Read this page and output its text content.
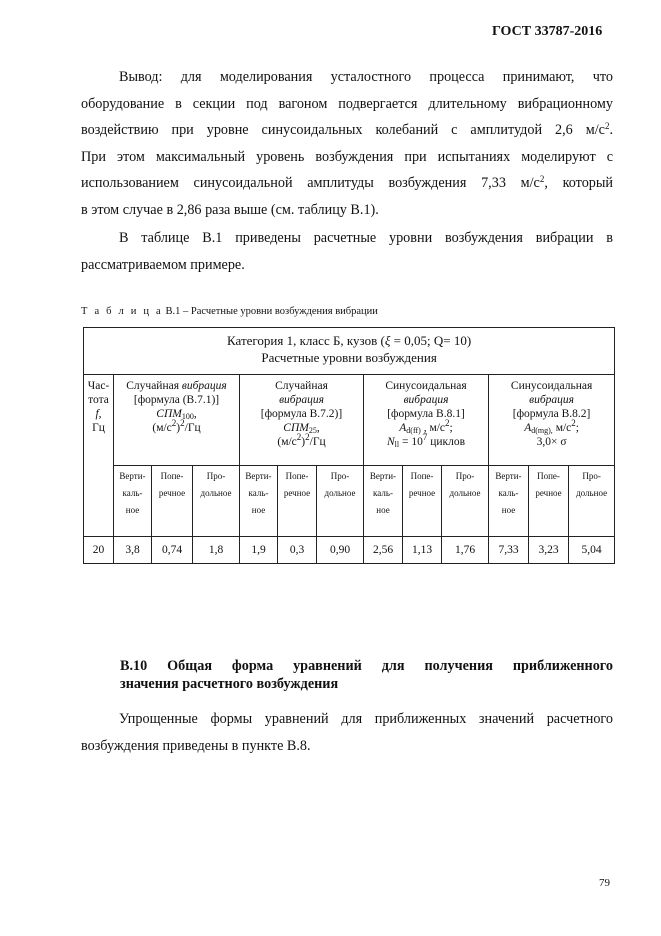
ГОСТ 33787-2016
Вывод: для моделирования усталостного процесса принимают, что
оборудование в секции под вагоном подвергается длительному вибрационному
воздействию при уровне синусоидальных колебаний с амплитудой 2,6 $м/с^2$.
При этом максимальный уровень возбуждения при испытаниях моделируют с
использованием синусоидальной амплитуды возбуждения 7,33 $м/с^2$, который
в этом случае в 2,86 раза выше (см. таблицу В.1).
В таблице В.1 приведены расчетные уровни возбуждения вибрации в
рассматриваемом примере.
Т а б л и ц а В.1 – Расчетные уровни возбуждения вибрации
Категория 1, класс Б, кузов (ξ = 0,05; Q= 10)
Расчетные уровни возбуждения												
Час-
тота
f,
Гц	Случайная вибрация
[формула (В.7.1)]
$СПМ_{100}$,
$(м/с^2)^2/Гц$			Случайная
вибрация
[формула В.7.2)]
$СПМ_{25}$,
$(м/с^2)^2/Гц$			Синусоидальная
вибрация
[формула В.8.1]
$A_{d(ff)}$ , $м/с^2$;
$N_{ll} = 10^7$ циклов			Синусоидальная
вибрация
[формула В.8.2]
$A_{d(mg),}$ $м/с^2$;
3,0× σ		
	Верти-
каль-
ное	Попе-
речное	Про-
дольное	Верти-
каль-
ное	Попе-
речное	Про-
дольное	Верти-
каль-
ное	Попе-
речное	Про-
дольное	Верти-
каль-
ное	Попе-
речное	Про-
дольное
20	3,8	0,74	1,8	1,9	0,3	0,90	2,56	1,13	1,76	7,33	3,23	5,04
В.10 Общая форма уравнений для получения приближенного
значения расчетного возбуждения
Упрощенные формы уравнений для приближенных значений расчетного
возбуждения приведены в пункте В.8.
79
